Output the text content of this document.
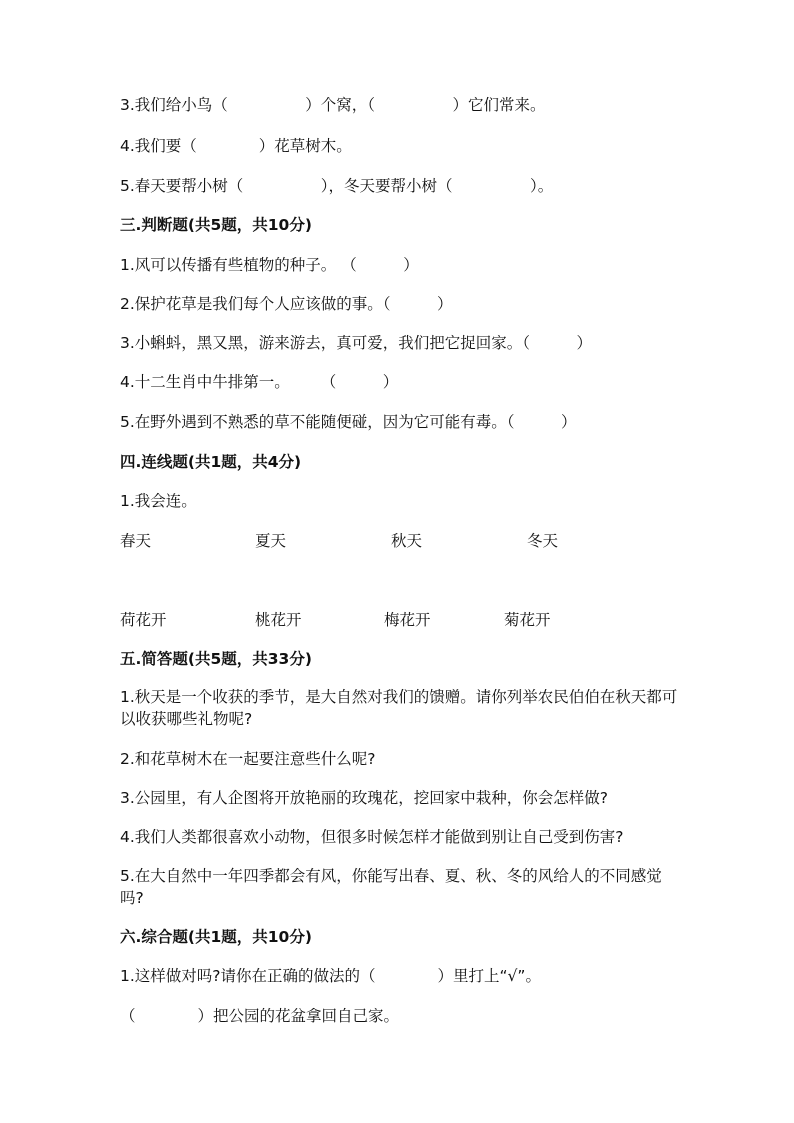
3.我们给小鸟（　　　　　）个窝，（　　　　　）它们常来。

4.我们要（　　　　）花草树木。

5.春天要帮小树（　　　　　），冬天要帮小树（　　　　　）。

三.判断题(共5题，共10分)

1.风可以传播有些植物的种子。 （　　　）

2.保护花草是我们每个人应该做的事。（　　　）

3.小蝌蚪，黑又黑，游来游去，真可爱，我们把它捉回家。（　　　）

4.十二生肖中牛排第一。　　　（　　　）

5.在野外遇到不熟悉的草不能随便碰，因为它可能有毒。（　　　）

四.连线题(共1题，共4分)

1.我会连。

春天	夏天	秋天	冬天
荷花开	桃花开	梅花开	菊花开

五.简答题(共5题，共33分)

1.秋天是一个收获的季节，是大自然对我们的馈赠。请你列举农民伯伯在秋天都可以收获哪些礼物呢?

2.和花草树木在一起要注意些什么呢?

3.公园里，有人企图将开放艳丽的玫瑰花，挖回家中栽种，你会怎样做?

4.我们人类都很喜欢小动物，但很多时候怎样才能做到别让自己受到伤害?

5.在大自然中一年四季都会有风，你能写出春、夏、秋、冬的风给人的不同感觉吗?

六.综合题(共1题，共10分)

1.这样做对吗?请你在正确的做法的（　　　　）里打上“√”。

（　　　　）把公园的花盆拿回自己家。
